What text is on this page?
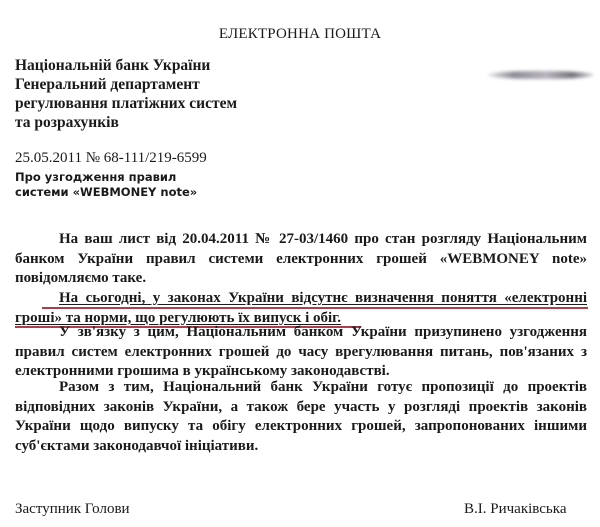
ЕЛЕКТРОННА ПОШТА
Національній банк України
Генеральний департамент
регулювання платіжних систем
та розрахунків
25.05.2011 № 68-111/219-6599
Про узгодження правил
системи «WEBMONEY note»
На ваш лист від 20.04.2011 № 27-03/1460 про стан розгляду Національним
банком України правил системи електронних грошей «WEBMONEY note»
повідомляємо таке.
На сьогодні, у законах України відсутнє визначення поняття «електронні
гроші» та норми, що регулюють їх випуск і обіг.
У зв'язку з цим, Національним банком України призупинено узгодження
правил систем електронних грошей до часу врегулювання питань, пов'язаних з
електронними грошима в українському законодавстві.
Разом з тим, Національний банк України готує пропозиції до проектів
відповідних законів України, а також бере участь у розгляді проектів законів
України щодо випуску та обігу електронних грошей, запропонованих іншими
суб'єктами законодавчої ініціативи.
Заступник Голови	В.І. Ричаківська
